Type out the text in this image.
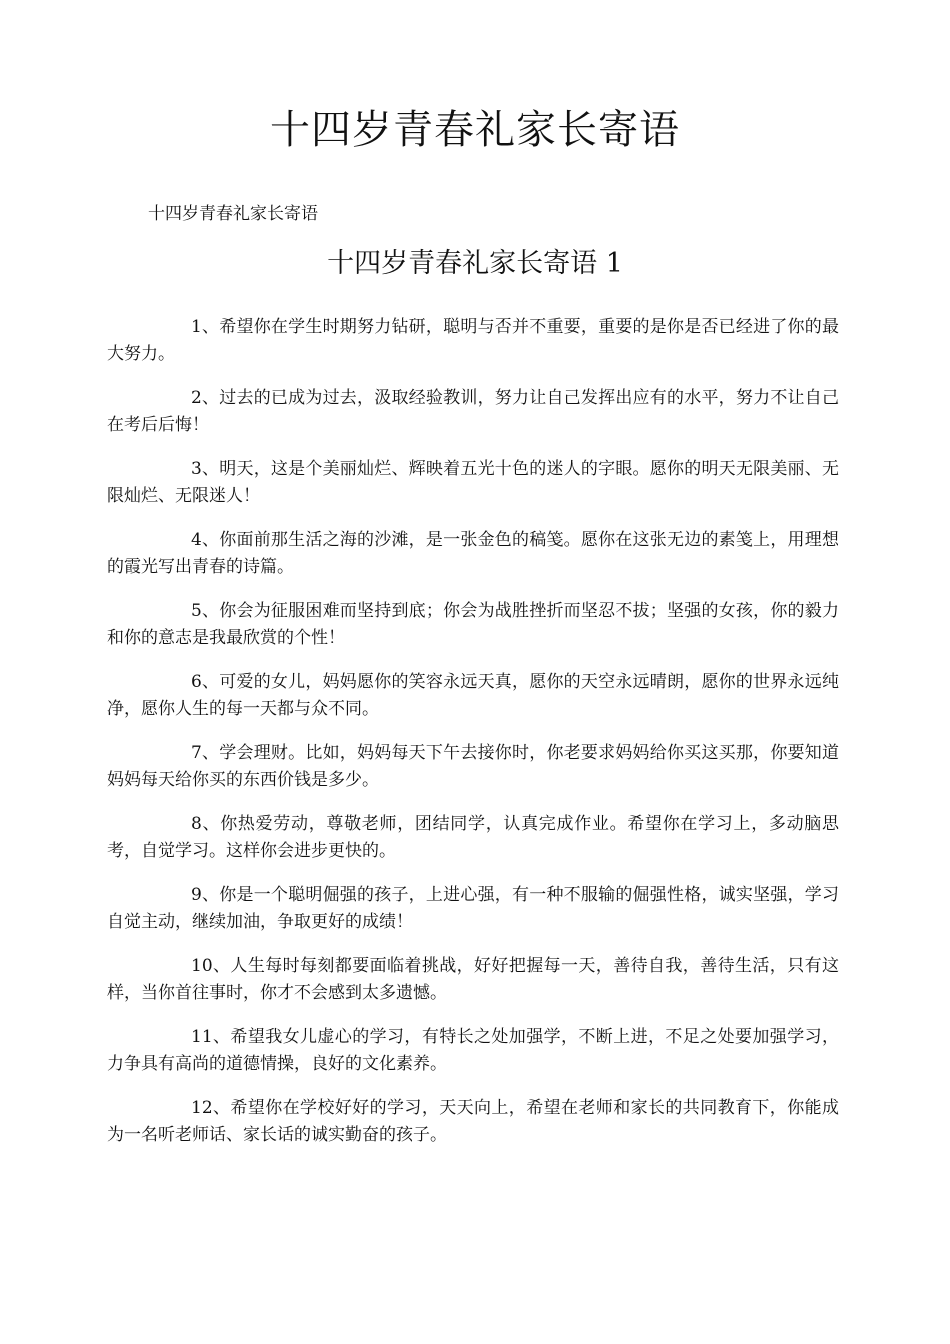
十四岁青春礼家长寄语

十四岁青春礼家长寄语

十四岁青春礼家长寄语 1
1、希望你在学生时期努力钻研，聪明与否并不重要，重要的是你是否已经进了你的最大努力。
2、过去的已成为过去，汲取经验教训，努力让自己发挥出应有的水平，努力不让自己在考后后悔！
3、明天，这是个美丽灿烂、辉映着五光十色的迷人的字眼。愿你的明天无限美丽、无限灿烂、无限迷人！
4、你面前那生活之海的沙滩，是一张金色的稿笺。愿你在这张无边的素笺上，用理想的霞光写出青春的诗篇。
5、你会为征服困难而坚持到底；你会为战胜挫折而坚忍不拔；坚强的女孩，你的毅力和你的意志是我最欣赏的个性！
6、可爱的女儿，妈妈愿你的笑容永远天真，愿你的天空永远晴朗，愿你的世界永远纯净，愿你人生的每一天都与众不同。
7、学会理财。比如，妈妈每天下午去接你时，你老要求妈妈给你买这买那，你要知道妈妈每天给你买的东西价钱是多少。
8、你热爱劳动，尊敬老师，团结同学，认真完成作业。希望你在学习上，多动脑思考，自觉学习。这样你会进步更快的。
9、你是一个聪明倔强的孩子，上进心强，有一种不服输的倔强性格，诚实坚强，学习自觉主动，继续加油，争取更好的成绩！
10、人生每时每刻都要面临着挑战，好好把握每一天，善待自我，善待生活，只有这样，当你首往事时，你才不会感到太多遗憾。
11、希望我女儿虚心的学习，有特长之处加强学，不断上进，不足之处要加强学习，力争具有高尚的道德情操，良好的文化素养。
12、希望你在学校好好的学习，天天向上，希望在老师和家长的共同教育下，你能成为一名听老师话、家长话的诚实勤奋的孩子。
